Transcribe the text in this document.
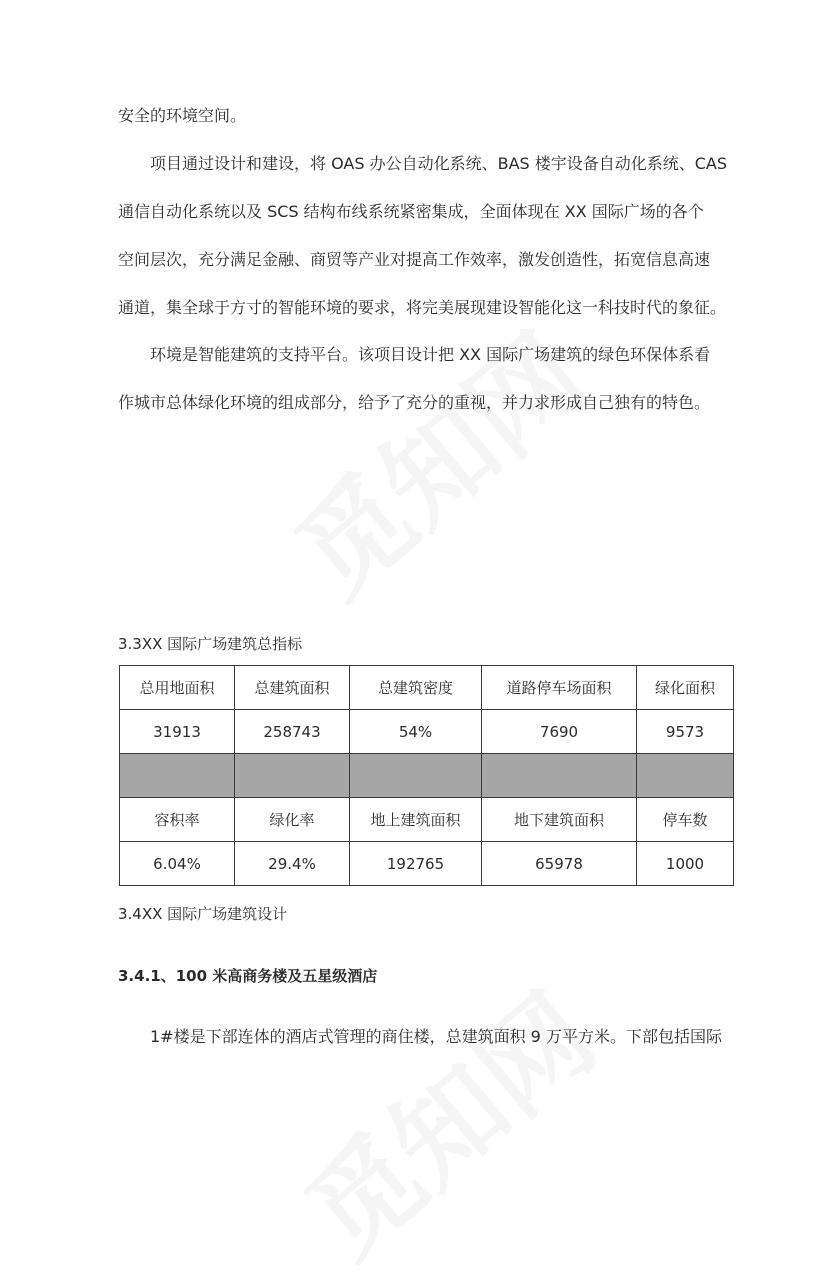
安全的环境空间。
项目通过设计和建设，将 OAS 办公自动化系统、BAS 楼宇设备自动化系统、CAS
通信自动化系统以及 SCS 结构布线系统紧密集成，全面体现在 XX 国际广场的各个
空间层次，充分满足金融、商贸等产业对提高工作效率，激发创造性，拓宽信息高速
通道，集全球于方寸的智能环境的要求，将完美展现建设智能化这一科技时代的象征。
环境是智能建筑的支持平台。该项目设计把 XX 国际广场建筑的绿色环保体系看
作城市总体绿化环境的组成部分，给予了充分的重视，并力求形成自己独有的特色。
3.3XX 国际广场建筑总指标
总用地面积	总建筑面积	总建筑密度	道路停车场面积	绿化面积
31913	258743	54%	7690	9573

容积率	绿化率	地上建筑面积	地下建筑面积	停车数
6.04%	29.4%	192765	65978	1000
3.4XX 国际广场建筑设计
3.4.1、100 米高商务楼及五星级酒店
1#楼是下部连体的酒店式管理的商住楼，总建筑面积 9 万平方米。下部包括国际
